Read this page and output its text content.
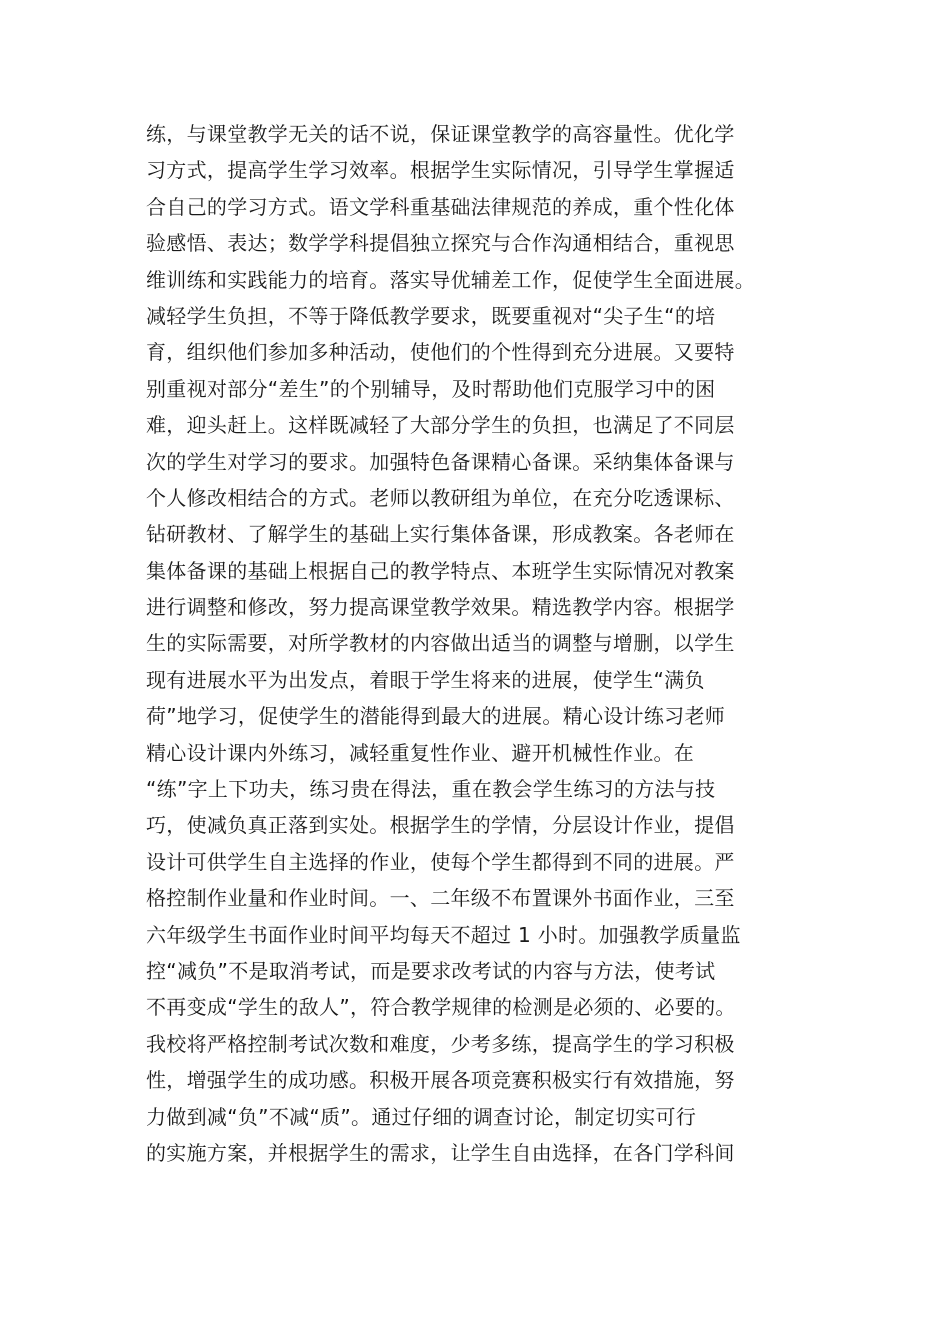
练，与课堂教学无关的话不说，保证课堂教学的高容量性。优化学
习方式，提高学生学习效率。根据学生实际情况，引导学生掌握适
合自己的学习方式。语文学科重基础法律规范的养成，重个性化体
验感悟、表达；数学学科提倡独立探究与合作沟通相结合，重视思
维训练和实践能力的培育。落实导优辅差工作，促使学生全面进展。
减轻学生负担，不等于降低教学要求，既要重视对“尖子生“的培
育，组织他们参加多种活动，使他们的个性得到充分进展。又要特
别重视对部分“差生”的个别辅导，及时帮助他们克服学习中的困
难，迎头赶上。这样既减轻了大部分学生的负担，也满足了不同层
次的学生对学习的要求。加强特色备课精心备课。采纳集体备课与
个人修改相结合的方式。老师以教研组为单位，在充分吃透课标、
钻研教材、了解学生的基础上实行集体备课，形成教案。各老师在
集体备课的基础上根据自己的教学特点、本班学生实际情况对教案
进行调整和修改，努力提高课堂教学效果。精选教学内容。根据学
生的实际需要，对所学教材的内容做出适当的调整与增删，以学生
现有进展水平为出发点，着眼于学生将来的进展，使学生“满负
荷”地学习，促使学生的潜能得到最大的进展。精心设计练习老师
精心设计课内外练习，减轻重复性作业、避开机械性作业。在
“练”字上下功夫，练习贵在得法，重在教会学生练习的方法与技
巧，使减负真正落到实处。根据学生的学情，分层设计作业，提倡
设计可供学生自主选择的作业，使每个学生都得到不同的进展。严
格控制作业量和作业时间。一、二年级不布置课外书面作业，三至
六年级学生书面作业时间平均每天不超过 1 小时。加强教学质量监
控“减负”不是取消考试，而是要求改考试的内容与方法，使考试
不再变成“学生的敌人”，符合教学规律的检测是必须的、必要的。
我校将严格控制考试次数和难度，少考多练，提高学生的学习积极
性，增强学生的成功感。积极开展各项竞赛积极实行有效措施，努
力做到减“负”不减“质”。通过仔细的调查讨论，制定切实可行
的实施方案，并根据学生的需求，让学生自由选择，在各门学科间
